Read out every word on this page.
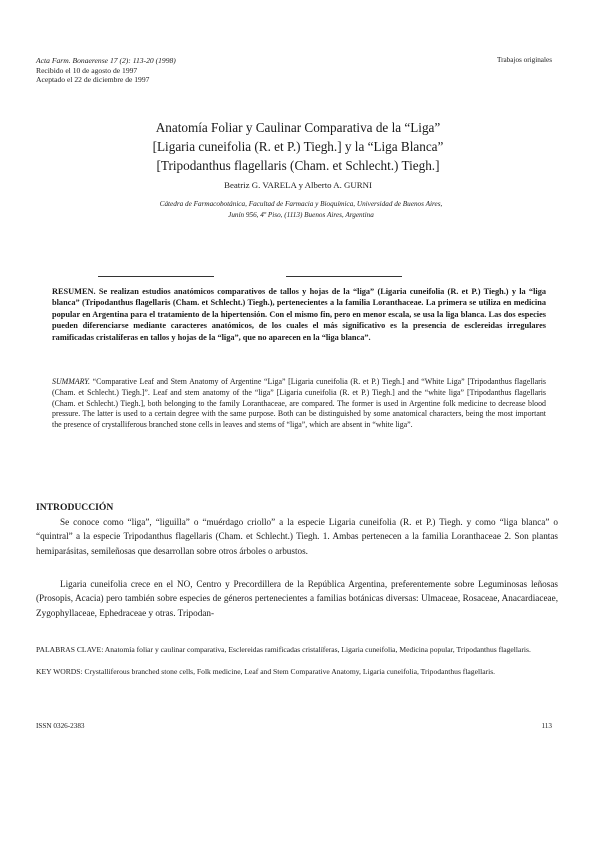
Acta Farm. Bonaerense 17 (2): 113-20 (1998)
Recibido el 10 de agosto de 1997
Aceptado el 22 de diciembre de 1997
Trabajos originales
Anatomía Foliar y Caulinar Comparativa de la “Liga”
[Ligaria cuneifolia (R. et P.) Tiegh.] y la “Liga Blanca”
[Tripodanthus flagellaris (Cham. et Schlecht.) Tiegh.]
Beatriz G. VARELA y Alberto A. GURNI
Cátedra de Farmacobotánica, Facultad de Farmacia y Bioquímica, Universidad de Buenos Aires,
Junín 956, 4º Piso, (1113) Buenos Aires, Argentina
RESUMEN. Se realizan estudios anatómicos comparativos de tallos y hojas de la “liga” (Ligaria cuneifolia (R. et P.) Tiegh.) y la “liga blanca” (Tripodanthus flagellaris (Cham. et Schlecht.) Tiegh.), pertenecientes a la familia Loranthaceae. La primera se utiliza en medicina popular en Argentina para el tratamiento de la hipertensión. Con el mismo fin, pero en menor escala, se usa la liga blanca. Las dos especies pueden diferenciarse mediante caracteres anatómicos, de los cuales el más significativo es la presencia de esclereidas irregulares ramificadas cristalíferas en tallos y hojas de la “liga”, que no aparecen en la “liga blanca”.
SUMMARY. “Comparative Leaf and Stem Anatomy of Argentine “Liga” [Ligaria cuneifolia (R. et P.) Tiegh.] and “White Liga” [Tripodanthus flagellaris (Cham. et Schlecht.) Tiegh.]”. Leaf and stem anatomy of the “liga” [Ligaria cuneifolia (R. et P.) Tiegh.] and the “white liga” [Tripodanthus flagellaris (Cham. et Schlecht.) Tiegh.], both belonging to the family Loranthaceae, are compared. The former is used in Argentine folk medicine to decrease blood pressure. The latter is used to a certain degree with the same purpose. Both can be distinguished by some anatomical characters, being the most important the presence of crystalliferous branched stone cells in leaves and stems of “liga”, which are absent in “white liga”.
INTRODUCCIÓN
Se conoce como “liga”, “liguilla” o “muérdago criollo” a la especie Ligaria cuneifolia (R. et P.) Tiegh. y como “liga blanca” o “quintral” a la especie Tripodanthus flagellaris (Cham. et Schlecht.) Tiegh. 1. Ambas pertenecen a la familia Loranthaceae 2. Son plantas hemiparásitas, semileñosas que desarrollan sobre otros árboles o arbustos.
Ligaria cuneifolia crece en el NO, Centro y Precordillera de la República Argentina, preferentemente sobre Leguminosas leñosas (Prosopis, Acacia) pero también sobre especies de géneros pertenecientes a familias botánicas diversas: Ulmaceae, Rosaceae, Anacardiaceae, Zygophyllaceae, Ephedraceae y otras. Tripodan-
PALABRAS CLAVE: Anatomía foliar y caulinar comparativa, Esclereidas ramificadas cristalíferas, Ligaria cuneifolia, Medicina popular, Tripodanthus flagellaris.
KEY WORDS: Crystalliferous branched stone cells, Folk medicine, Leaf and Stem Comparative Anatomy, Ligaria cuneifolia, Tripodanthus flagellaris.
ISSN 0326-2383	113
